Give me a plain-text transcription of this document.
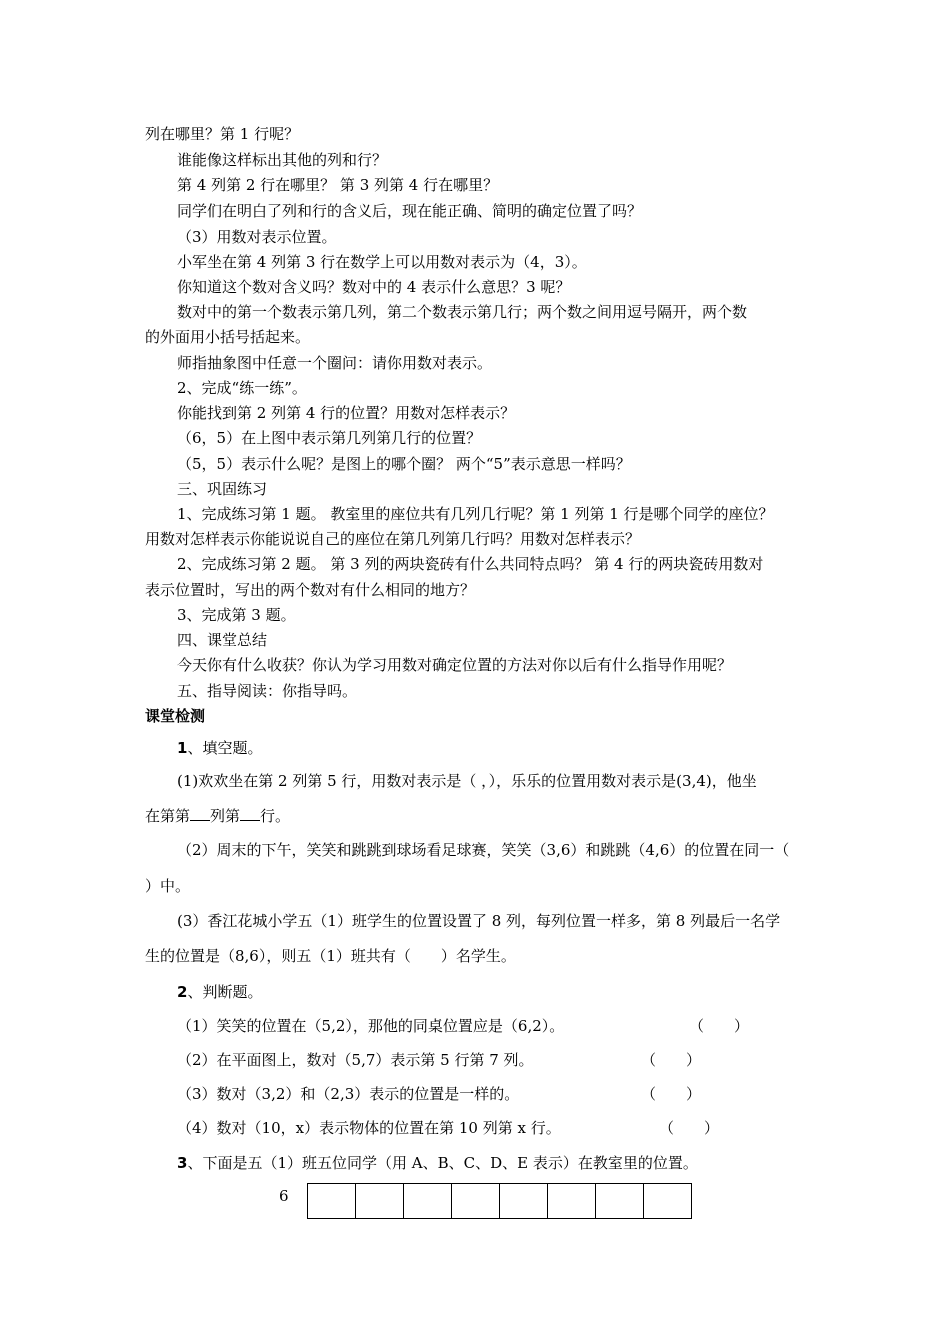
列在哪里？第 1 行呢？
谁能像这样标出其他的列和行？
第 4 列第 2 行在哪里？ 第 3 列第 4 行在哪里？
同学们在明白了列和行的含义后，现在能正确、简明的确定位置了吗？
（3）用数对表示位置。
小军坐在第 4 列第 3 行在数学上可以用数对表示为（4，3）。
你知道这个数对含义吗？数对中的 4 表示什么意思？3 呢？
数对中的第一个数表示第几列，第二个数表示第几行；两个数之间用逗号隔开，两个数
的外面用小括号括起来。
师指抽象图中任意一个圈问：请你用数对表示。
2、完成“练一练”。
你能找到第 2 列第 4 行的位置？用数对怎样表示？
（6，5）在上图中表示第几列第几行的位置？
（5，5）表示什么呢？是图上的哪个圈？ 两个“5”表示意思一样吗？
三、巩固练习
1、完成练习第 1 题。 教室里的座位共有几列几行呢？第 1 列第 1 行是哪个同学的座位？
用数对怎样表示你能说说自己的座位在第几列第几行吗？用数对怎样表示？
2、完成练习第 2 题。 第 3 列的两块瓷砖有什么共同特点吗？ 第 4 行的两块瓷砖用数对
表示位置时，写出的两个数对有什么相同的地方？
3、完成第 3 题。
四、课堂总结
今天你有什么收获？你认为学习用数对确定位置的方法对你以后有什么指导作用呢？
五、指导阅读：你指导吗。
课堂检测
1、填空题。
(1)欢欢坐在第 2 列第 5 行，用数对表示是（ ，），乐乐的位置用数对表示是(3,4)，他坐
在第第 列第 行。
（2）周末的下午，笑笑和跳跳到球场看足球赛，笑笑（3,6）和跳跳（4,6）的位置在同一（
）中。
(3）香江花城小学五（1）班学生的位置设置了 8 列，每列位置一样多，第 8 列最后一名学
生的位置是（8,6），则五（1）班共有（　　）名学生。
2、判断题。
（1）笑笑的位置在（5,2），那他的同桌位置应是（6,2）。	（　　）
（2）在平面图上，数对（5,7）表示第 5 行第 7 列。	（　　）
（3）数对（3,2）和（2,3）表示的位置是一样的。	（　　）
（4）数对（10，x）表示物体的位置在第 10 列第 x 行。	（　　）
3、下面是五（1）班五位同学（用 A、B、C、D、E 表示）在教室里的位置。
6
